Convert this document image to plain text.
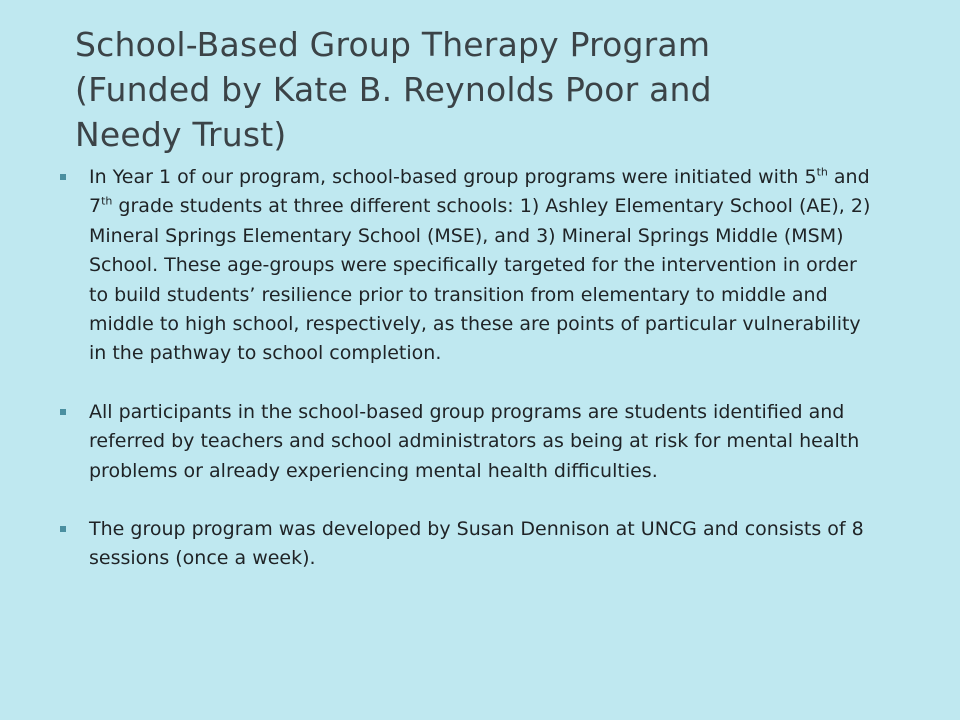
School-Based Group Therapy Program
(Funded by Kate B. Reynolds Poor and
Needy Trust)
In Year 1 of our program, school-based group programs were initiated with 5th and 7th grade students at three different schools: 1) Ashley Elementary School (AE), 2) Mineral Springs Elementary School (MSE), and 3) Mineral Springs Middle (MSM) School. These age-groups were specifically targeted for the intervention in order to build students’ resilience prior to transition from elementary to middle and middle to high school, respectively, as these are points of particular vulnerability in the pathway to school completion.
All participants in the school-based group programs are students identified and referred by teachers and school administrators as being at risk for mental health problems or already experiencing mental health difficulties.
The group program was developed by Susan Dennison at UNCG and consists of 8 sessions (once a week).
